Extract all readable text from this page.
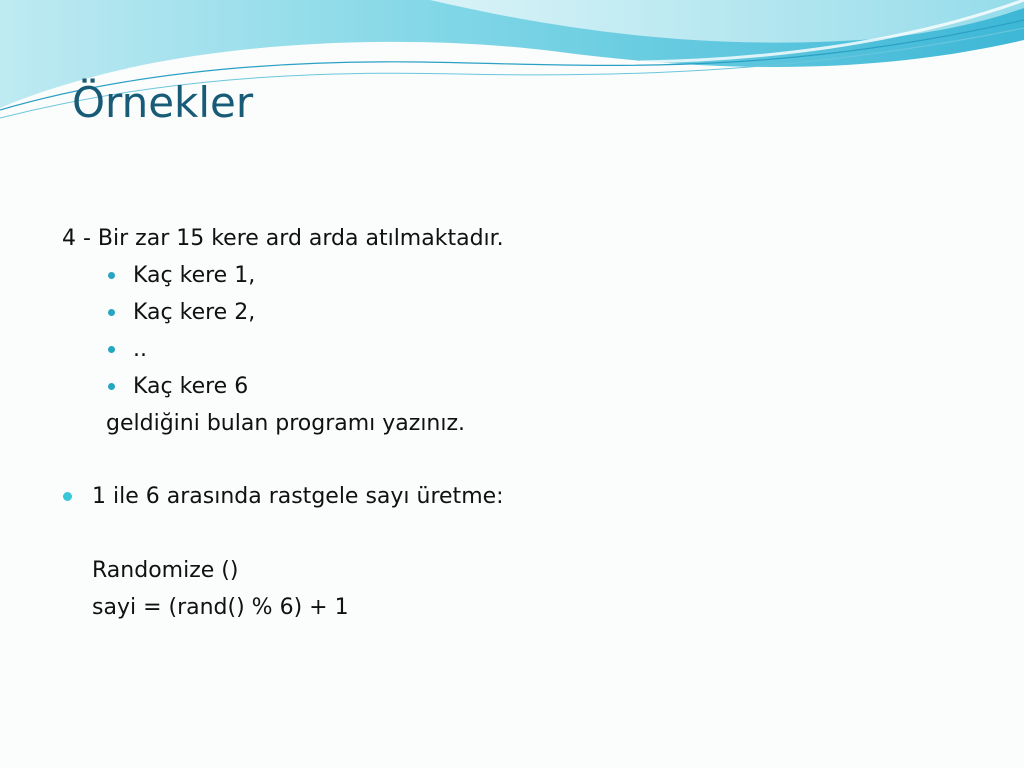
Örnekler
4 - Bir zar 15 kere ard arda atılmaktadır.
Kaç kere 1,
Kaç kere 2,
..
Kaç kere 6
geldiğini bulan programı yazınız.
1 ile 6 arasında rastgele sayı üretme:
Randomize ()
sayi = (rand() % 6) + 1
